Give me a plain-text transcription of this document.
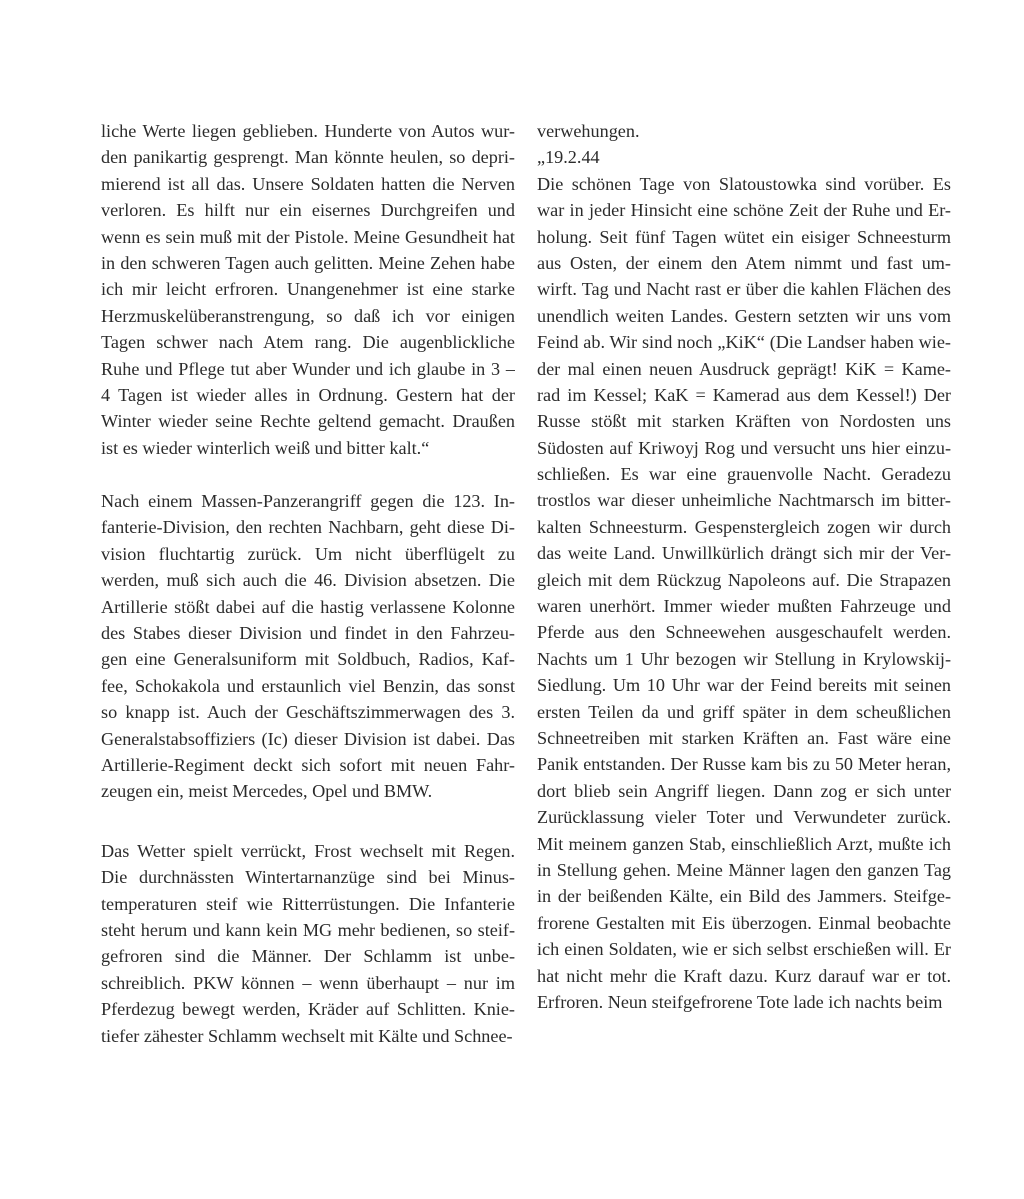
liche Werte liegen geblieben. Hunderte von Autos wur-
den panikartig gesprengt. Man könnte heulen, so depri-
mierend ist all das. Unsere Soldaten hatten die Nerven
verloren. Es hilft nur ein eisernes Durchgreifen und
wenn es sein muß mit der Pistole. Meine Gesundheit hat
in den schweren Tagen auch gelitten. Meine Zehen habe
ich mir leicht erfroren. Unangenehmer ist eine starke
Herzmuskelüberanstrengung, so daß ich vor einigen
Tagen schwer nach Atem rang. Die augenblickliche
Ruhe und Pflege tut aber Wunder und ich glaube in 3 –
4 Tagen ist wieder alles in Ordnung. Gestern hat der
Winter wieder seine Rechte geltend gemacht. Draußen
ist es wieder winterlich weiß und bitter kalt.“

Nach einem Massen-Panzerangriff gegen die 123. In-
fanterie-Division, den rechten Nachbarn, geht diese Di-
vision fluchtartig zurück. Um nicht überflügelt zu
werden, muß sich auch die 46. Division absetzen. Die
Artillerie stößt dabei auf die hastig verlassene Kolonne
des Stabes dieser Division und findet in den Fahrzeu-
gen eine Generalsuniform mit Soldbuch, Radios, Kaf-
fee, Schokakola und erstaunlich viel Benzin, das sonst
so knapp ist. Auch der Geschäftszimmerwagen des 3.
Generalstabsoffiziers (Ic) dieser Division ist dabei. Das
Artillerie-Regiment deckt sich sofort mit neuen Fahr-
zeugen ein, meist Mercedes, Opel und BMW.

Das Wetter spielt verrückt, Frost wechselt mit Regen.
Die durchnässten Wintertarnanzüge sind bei Minus-
temperaturen steif wie Ritterrüstungen. Die Infanterie
steht herum und kann kein MG mehr bedienen, so steif-
gefroren sind die Männer. Der Schlamm ist unbe-
schreiblich. PKW können – wenn überhaupt – nur im
Pferdezug bewegt werden, Kräder auf Schlitten. Knie-
tiefer zähester Schlamm wechselt mit Kälte und Schnee-

verwehungen.
„19.2.44
Die schönen Tage von Slatoustowka sind vorüber. Es
war in jeder Hinsicht eine schöne Zeit der Ruhe und Er-
holung. Seit fünf Tagen wütet ein eisiger Schneesturm
aus Osten, der einem den Atem nimmt und fast um-
wirft. Tag und Nacht rast er über die kahlen Flächen des
unendlich weiten Landes. Gestern setzten wir uns vom
Feind ab. Wir sind noch „KiK“ (Die Landser haben wie-
der mal einen neuen Ausdruck geprägt! KiK = Kame-
rad im Kessel; KaK = Kamerad aus dem Kessel!) Der
Russe stößt mit starken Kräften von Nordosten uns
Südosten auf Kriwoyj Rog und versucht uns hier einzu-
schließen. Es war eine grauenvolle Nacht. Geradezu
trostlos war dieser unheimliche Nachtmarsch im bitter-
kalten Schneesturm. Gespenstergleich zogen wir durch
das weite Land. Unwillkürlich drängt sich mir der Ver-
gleich mit dem Rückzug Napoleons auf. Die Strapazen
waren unerhört. Immer wieder mußten Fahrzeuge und
Pferde aus den Schneewehen ausgeschaufelt werden.
Nachts um 1 Uhr bezogen wir Stellung in Krylowskij-
Siedlung. Um 10 Uhr war der Feind bereits mit seinen
ersten Teilen da und griff später in dem scheußlichen
Schneetreiben mit starken Kräften an. Fast wäre eine
Panik entstanden. Der Russe kam bis zu 50 Meter heran,
dort blieb sein Angriff liegen. Dann zog er sich unter
Zurücklassung vieler Toter und Verwundeter zurück.
Mit meinem ganzen Stab, einschließlich Arzt, mußte ich
in Stellung gehen. Meine Männer lagen den ganzen Tag
in der beißenden Kälte, ein Bild des Jammers. Steifge-
frorene Gestalten mit Eis überzogen. Einmal beobachte
ich einen Soldaten, wie er sich selbst erschießen will. Er
hat nicht mehr die Kraft dazu. Kurz darauf war er tot.
Erfroren. Neun steifgefrorene Tote lade ich nachts beim
